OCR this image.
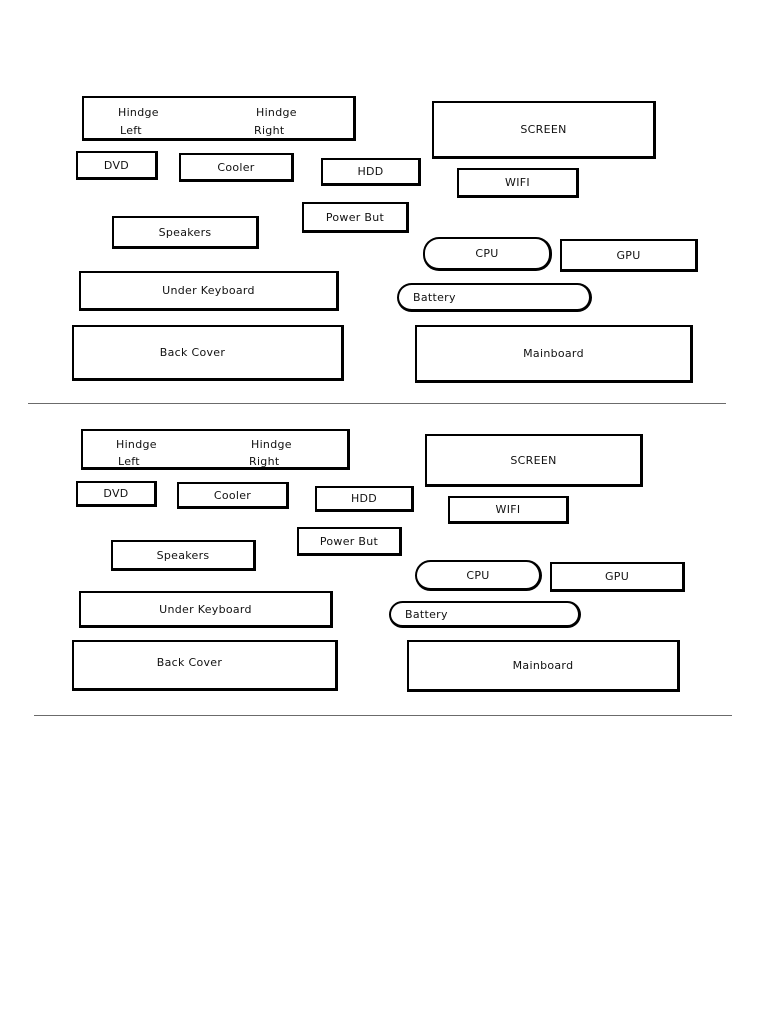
Hindge
Left
Hindge
Right	SCREEN
DVD	Cooler	HDD
WIFI
Power But
Speakers
CPU	GPU
Under Keyboard	Battery
Back Cover	Mainboard
Hindge
Left
Hindge
Right	SCREEN
DVD	Cooler	HDD
WIFI
Power But
Speakers
CPU	GPU
Under Keyboard	Battery
Back Cover	Mainboard
